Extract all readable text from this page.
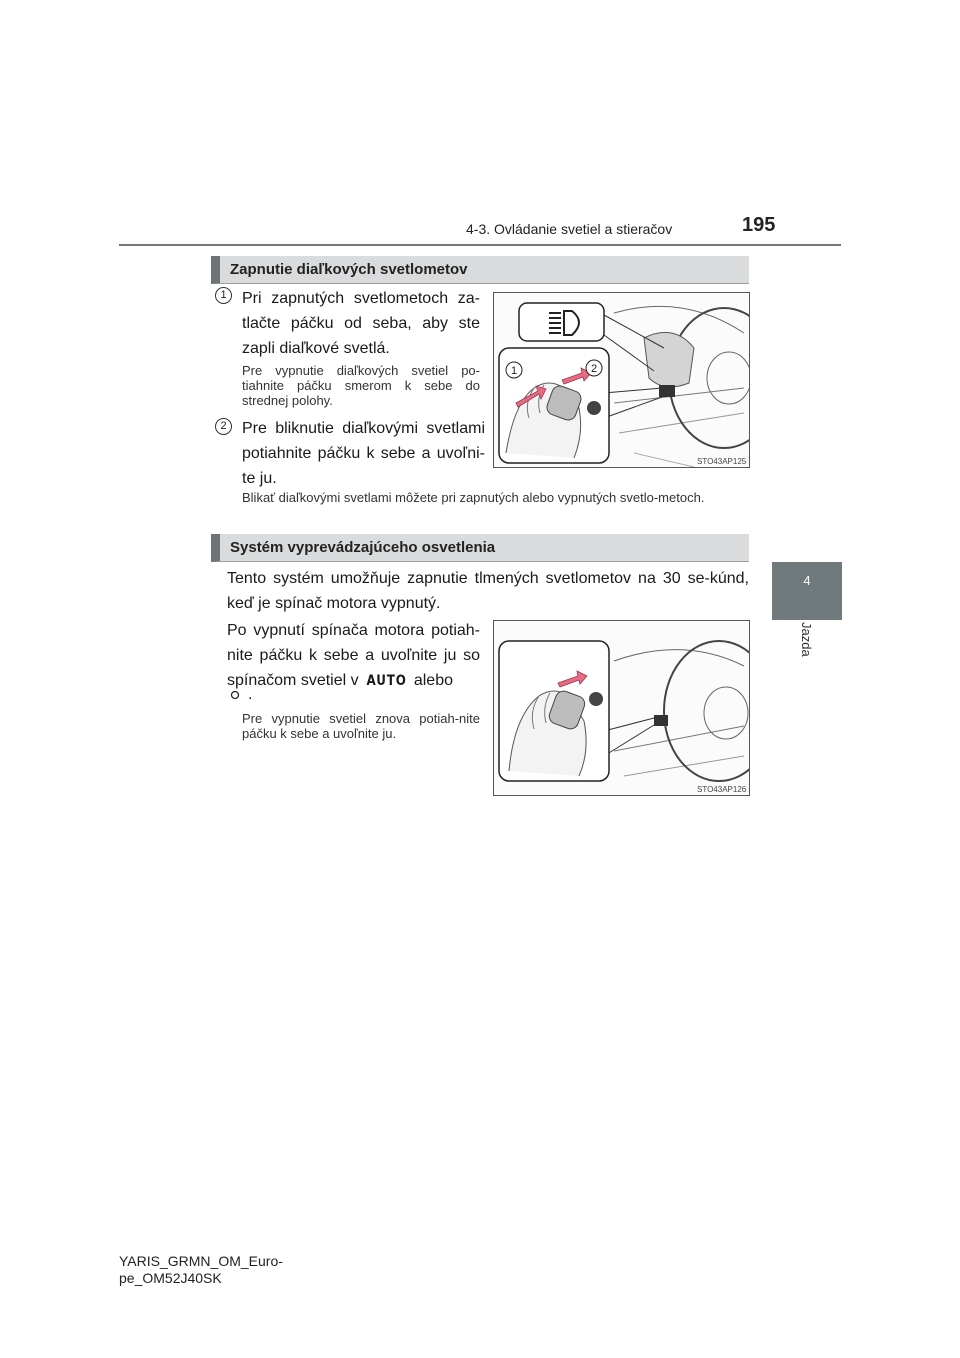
4-3. Ovládanie svetiel a stieračov	195
4
Jazda
Zapnutie diaľkových svetlometov
1 Pri zapnutých svetlometoch za-tlačte páčku od seba, aby ste zapli diaľkové svetlá.
Pre vypnutie diaľkových svetiel po-tiahnite páčku smerom k sebe do strednej polohy.
2 Pre bliknutie diaľkovými svetlami potiahnite páčku k sebe a uvoľni-te ju.
Blikať diaľkovými svetlami môžete pri zapnutých alebo vypnutých svetlo-metoch.
1	2
STO43AP125
Systém vyprevádzajúceho osvetlenia
Tento systém umožňuje zapnutie tlmených svetlometov na 30 se-kúnd, keď je spínač motora vypnutý.
Po vypnutí spínača motora potiah-nite páčku k sebe a uvoľnite ju so spínačom svetiel v AUTO alebo
.
Pre vypnutie svetiel znova potiah-nite páčku k sebe a uvoľnite ju.
STO43AP126
YARIS_GRMN_OM_Euro-
pe_OM52J40SK
